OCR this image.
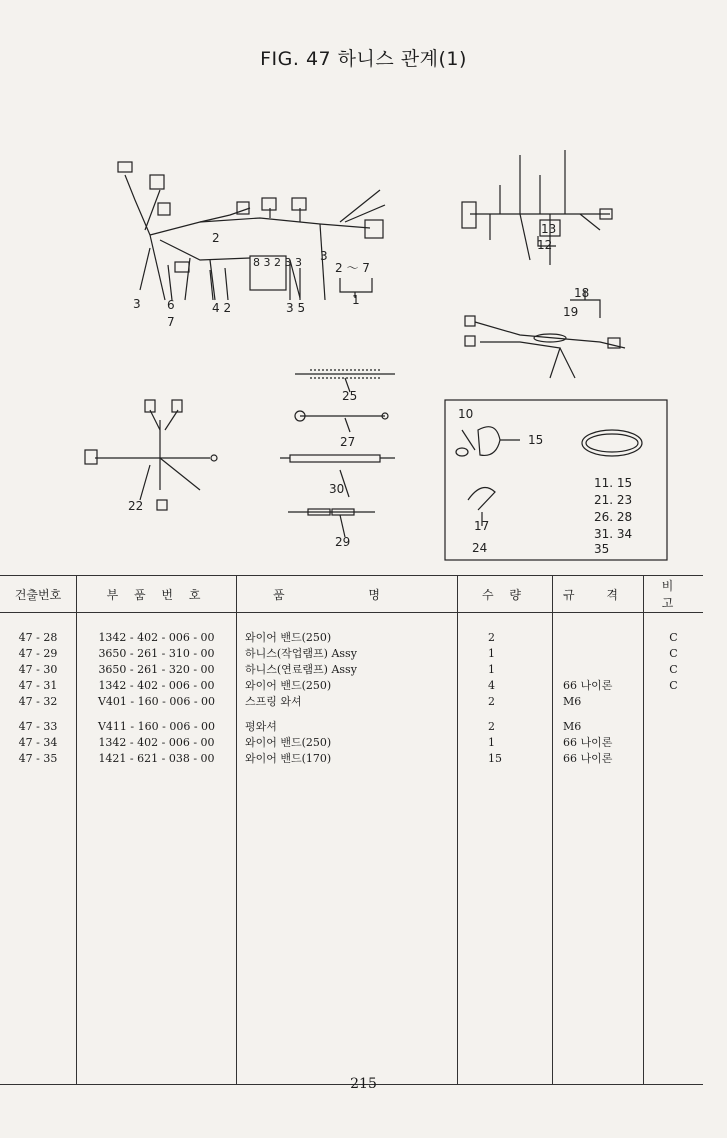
FIG. 47 하니스 관계(1)
3 6
7
4 2	3 5
2
3
8 3 2 3 3	2 ～ 7
1
13
12
18
19
25
27
30
29
22
10
15
17
24
11. 15
21. 23
26. 28
31. 34
35
건출번호	부 품 번 호	품 명	수 량	규 격	비 고

47 - 28	1342 - 402 - 006 - 00	와이어 밴드(250)	2		C
47 - 29	3650 - 261 - 310 - 00	하니스(작업램프) Assy	1		C
47 - 30	3650 - 261 - 320 - 00	하니스(연료램프) Assy	1		C
47 - 31	1342 - 402 - 006 - 00	와이어 밴드(250)	4	66 나이론	C
47 - 32	V401 - 160 - 006 - 00	스프링 와셔	2	M6	

47 - 33	V411 - 160 - 006 - 00	평와셔	2	M6	
47 - 34	1342 - 402 - 006 - 00	와이어 밴드(250)	1	66 나이론	
47 - 35	1421 - 621 - 038 - 00	와이어 밴드(170)	15	66 나이론	

215
